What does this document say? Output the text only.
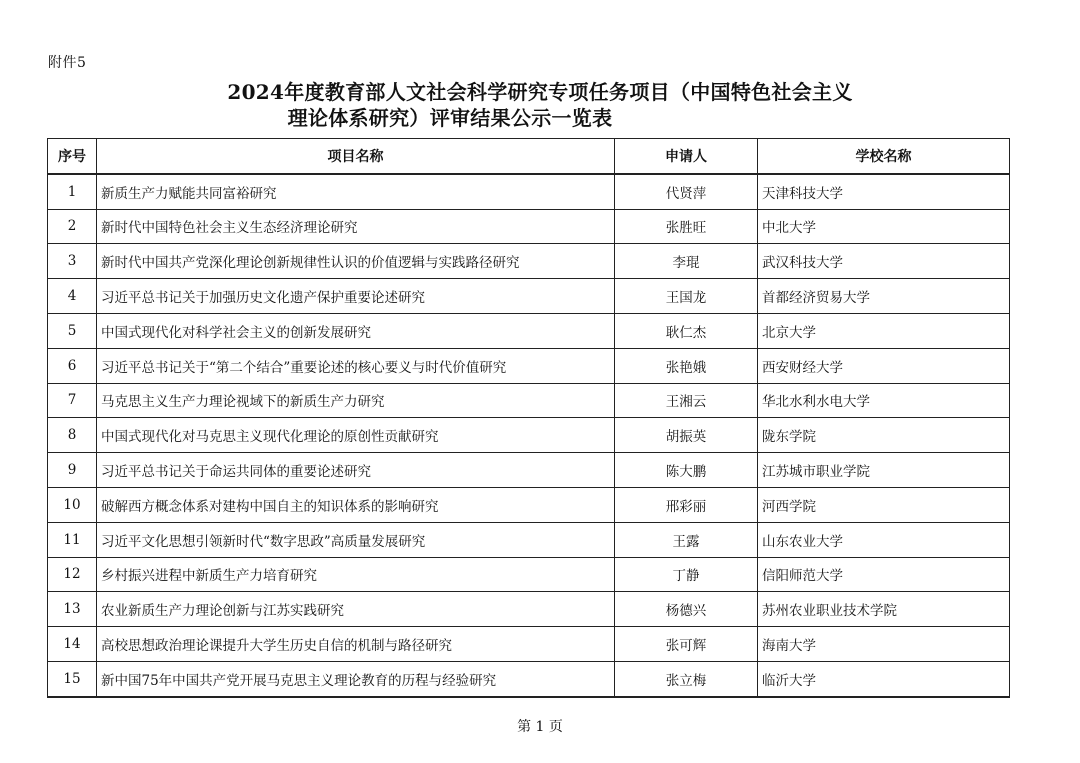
附件5
2024年度教育部人文社会科学研究专项任务项目（中国特色社会主义
理论体系研究）评审结果公示一览表
序号	项目名称	申请人	学校名称
1	新质生产力赋能共同富裕研究	代贤萍	天津科技大学
2	新时代中国特色社会主义生态经济理论研究	张胜旺	中北大学
3	新时代中国共产党深化理论创新规律性认识的价值逻辑与实践路径研究	李琨	武汉科技大学
4	习近平总书记关于加强历史文化遗产保护重要论述研究	王国龙	首都经济贸易大学
5	中国式现代化对科学社会主义的创新发展研究	耿仁杰	北京大学
6	习近平总书记关于“第二个结合”重要论述的核心要义与时代价值研究	张艳娥	西安财经大学
7	马克思主义生产力理论视域下的新质生产力研究	王湘云	华北水利水电大学
8	中国式现代化对马克思主义现代化理论的原创性贡献研究	胡振英	陇东学院
9	习近平总书记关于命运共同体的重要论述研究	陈大鹏	江苏城市职业学院
10	破解西方概念体系对建构中国自主的知识体系的影响研究	邢彩丽	河西学院
11	习近平文化思想引领新时代“数字思政”高质量发展研究	王露	山东农业大学
12	乡村振兴进程中新质生产力培育研究	丁静	信阳师范大学
13	农业新质生产力理论创新与江苏实践研究	杨德兴	苏州农业职业技术学院
14	高校思想政治理论课提升大学生历史自信的机制与路径研究	张可辉	海南大学
15	新中国75年中国共产党开展马克思主义理论教育的历程与经验研究	张立梅	临沂大学
第 1 页
